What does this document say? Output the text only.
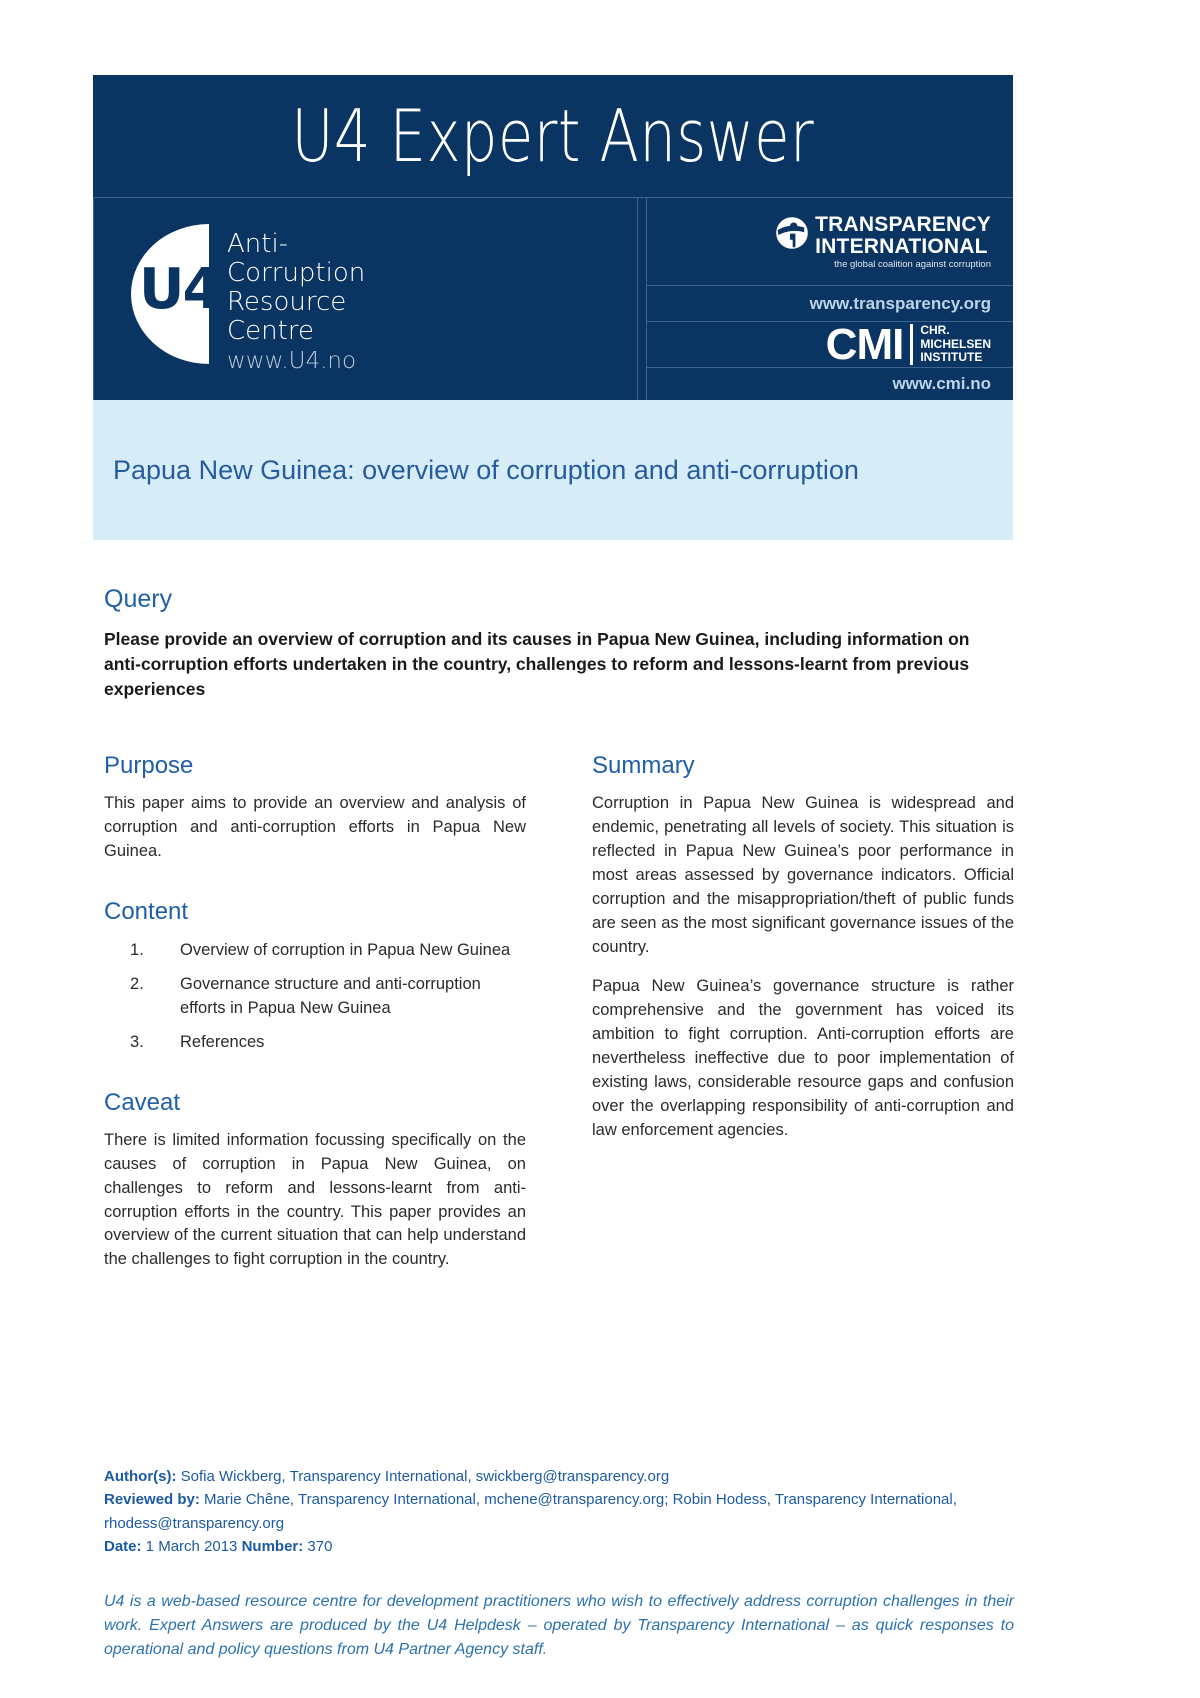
U4 Expert Answer
U4
Anti-
Corruption
Resource
Centre
www.U4.no
TRANSPARENCY
INTERNATIONAL
the global coalition against corruption
www.transparency.org
CMI CHR.
MICHELSEN
INSTITUTE
www.cmi.no
Papua New Guinea: overview of corruption and anti-corruption
Query

Please provide an overview of corruption and its causes in Papua New Guinea, including information on anti-corruption efforts undertaken in the country, challenges to reform and lessons-learnt from previous experiences

Purpose

This paper aims to provide an overview and analysis of corruption and anti-corruption efforts in Papua New Guinea.

Content
Overview of corruption in Papua New Guinea
Governance structure and anti-corruption efforts in Papua New Guinea
References
Caveat

There is limited information focussing specifically on the causes of corruption in Papua New Guinea, on challenges to reform and lessons-learnt from anti-corruption efforts in the country. This paper provides an overview of the current situation that can help understand the challenges to fight corruption in the country.

Summary

Corruption in Papua New Guinea is widespread and endemic, penetrating all levels of society. This situation is reflected in Papua New Guinea’s poor performance in most areas assessed by governance indicators. Official corruption and the misappropriation/theft of public funds are seen as the most significant governance issues of the country.

Papua New Guinea’s governance structure is rather comprehensive and the government has voiced its ambition to fight corruption. Anti-corruption efforts are nevertheless ineffective due to poor implementation of existing laws, considerable resource gaps and confusion over the overlapping responsibility of anti-corruption and law enforcement agencies.

Author(s): Sofia Wickberg, Transparency International, swickberg@transparency.org
Reviewed by: Marie Chêne, Transparency International, mchene@transparency.org; Robin Hodess, Transparency International, rhodess@transparency.org
Date: 1 March 2013 Number: 370
U4 is a web-based resource centre for development practitioners who wish to effectively address corruption challenges in their work. Expert Answers are produced by the U4 Helpdesk – operated by Transparency International – as quick responses to operational and policy questions from U4 Partner Agency staff.
